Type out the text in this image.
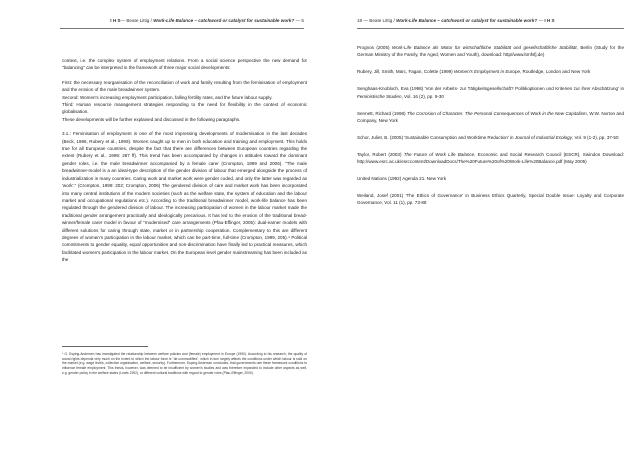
I H S— Beate Littig / Work-Life Balance – catchword or catalyst for sustainable work? — 5

context, i.e. the complex system of employment relations. From a social science perspective the new demand for "balancing" can be interpreted in the framework of three major social developments:

First: the necessary reorganisation of the reconciliation of work and family resulting from the feminisation of employment and the erosion of the male breadwinner system.

Second: Women's increasing employment participation, falling fertility rates, and the future labour supply.

Third: Human resource management strategies responding to the need for flexibility in the context of economic globalisation.

These developments will be further explained and discussed in the following paragraphs.

3.1.: Feminisation of employment is one of the most impressing developments of modernisation in the last decades (Beck, 1986, Rubery et al., 1999). Women caught up to men in both education and training and employment. This holds true for all European countries, despite the fact that there are differences between European countries regarding the extent (Rubery et al., 1999: 287 ff). This trend has been accompanied by changes in attitudes toward the dominant gender roles, i.e. the male breadwinner accompanied by a female carer (Crompton, 1999 and 2006). "The male breadwinner-model is a an ideal-type description of the gender division of labour that emerged alongside the process of industrialization in many countries. Caring work and market work were gender coded, and only the latter was regarded as 'work'." (Crompton, 1999: 202; Crompton, 2006) The gendered division of care and market work has been incorporated into many central institutions of the modern societies (such as the welfare state, the system of education and the labour market and occupational regulations etc.). According to the traditional breadwinner model, work-life balance has been regulated through the gendered division of labour. The increasing participation of women in the labour market made the traditional gender arrangement practically and ideologically precarious. It has led to the erosion of the traditional bread-winner/female carer model in favour of "modernised" care arrangements (Pfau-Effinger, 2005): dual-earner models with different solutions for caring through state, market or in partnership cooperation. Complementary to this are different degrees of women's participation in the labour market, which can be part-time, full-time (Crompton, 1999, 205).⁴ Political commitments to gender equality, equal opportunities and non-discrimination have finally led to practical measures, which facilitated women's participation in the labour market. On the European level gender mainstreaming has been included as the

⁴ G. Esping-Andersen has investigated the relationship between welfare policies and (female) employment in Europe (1990). According to his research, the quality of social rights depends very much on the extent to which the labour force is "de-commodified", which in turn largely affects the conditions under which labour is sold on the market (e.g. wage levels, collective organisation, welfare, security). Furthermore, Esping-Andersen concludes, that governments use these framework conditions to influence female employment. This thesis, however, was deemed to be insufficient by women's studies and was therefore expanded to include other aspects as well, e.g. gender policy in the welfare states (Lewis 1992), or different cultural traditions with regard to gender roles (Pfau-Effinger, 2000).
18 — Beate Littig / Work-Life Balance – catchword or catalyst for sustainable work? — I H S

Prognos (2005) Work-Life Balance als Motor für wirtschaftliche Stabilität und gesellschaftliche Stabilität, Berlin (Study for the German Ministry of the Family, the Aged, Women and Youth), download: http//www.bmfsfj.de)

Rubery, Jill, Smith, Marc, Fagan, Colette (1999) Women's Employment in Europe, Routledge, London and New York

Senghaas-Knobloch, Eva (1998) 'Von der Arbeits- zur Tätigkeitsgesellschaft? Politikoptionen und Kriterien zur ihrer Abschätzung' in Feministische Studien, Vol. 16 (2), pp. 9-30

Sennett, Richard (1998) The Corrosion of Character. The Personal Consequences of Work in the New Capitalism, W.W. Norton and Company, New York

Schor, Juliet, B. (2005) 'Sustainable Consumption and Worktime Reduction' in Journal of Industrial Ecology, Vol. 9 (1-2), pp. 37-50

Taylor, Robert (2003) The Future of Work Life Balance, Economic and Social Research Council (ESCR), Swindon Download: http://www.esrc.ac.uk/esrccontent/DownloadDocs/The%20Future%20of%20Work-Life%20Balance.pdf (May 2005)

United Nations (1992) Agenda 21. New York

Weiland, Josef (2001) 'The Ethics of Governance' in Business Ethics Quarterly, Special Double Issue: Loyalty and Corporate Governance, Vol. 11 (1), pp. 73-88
